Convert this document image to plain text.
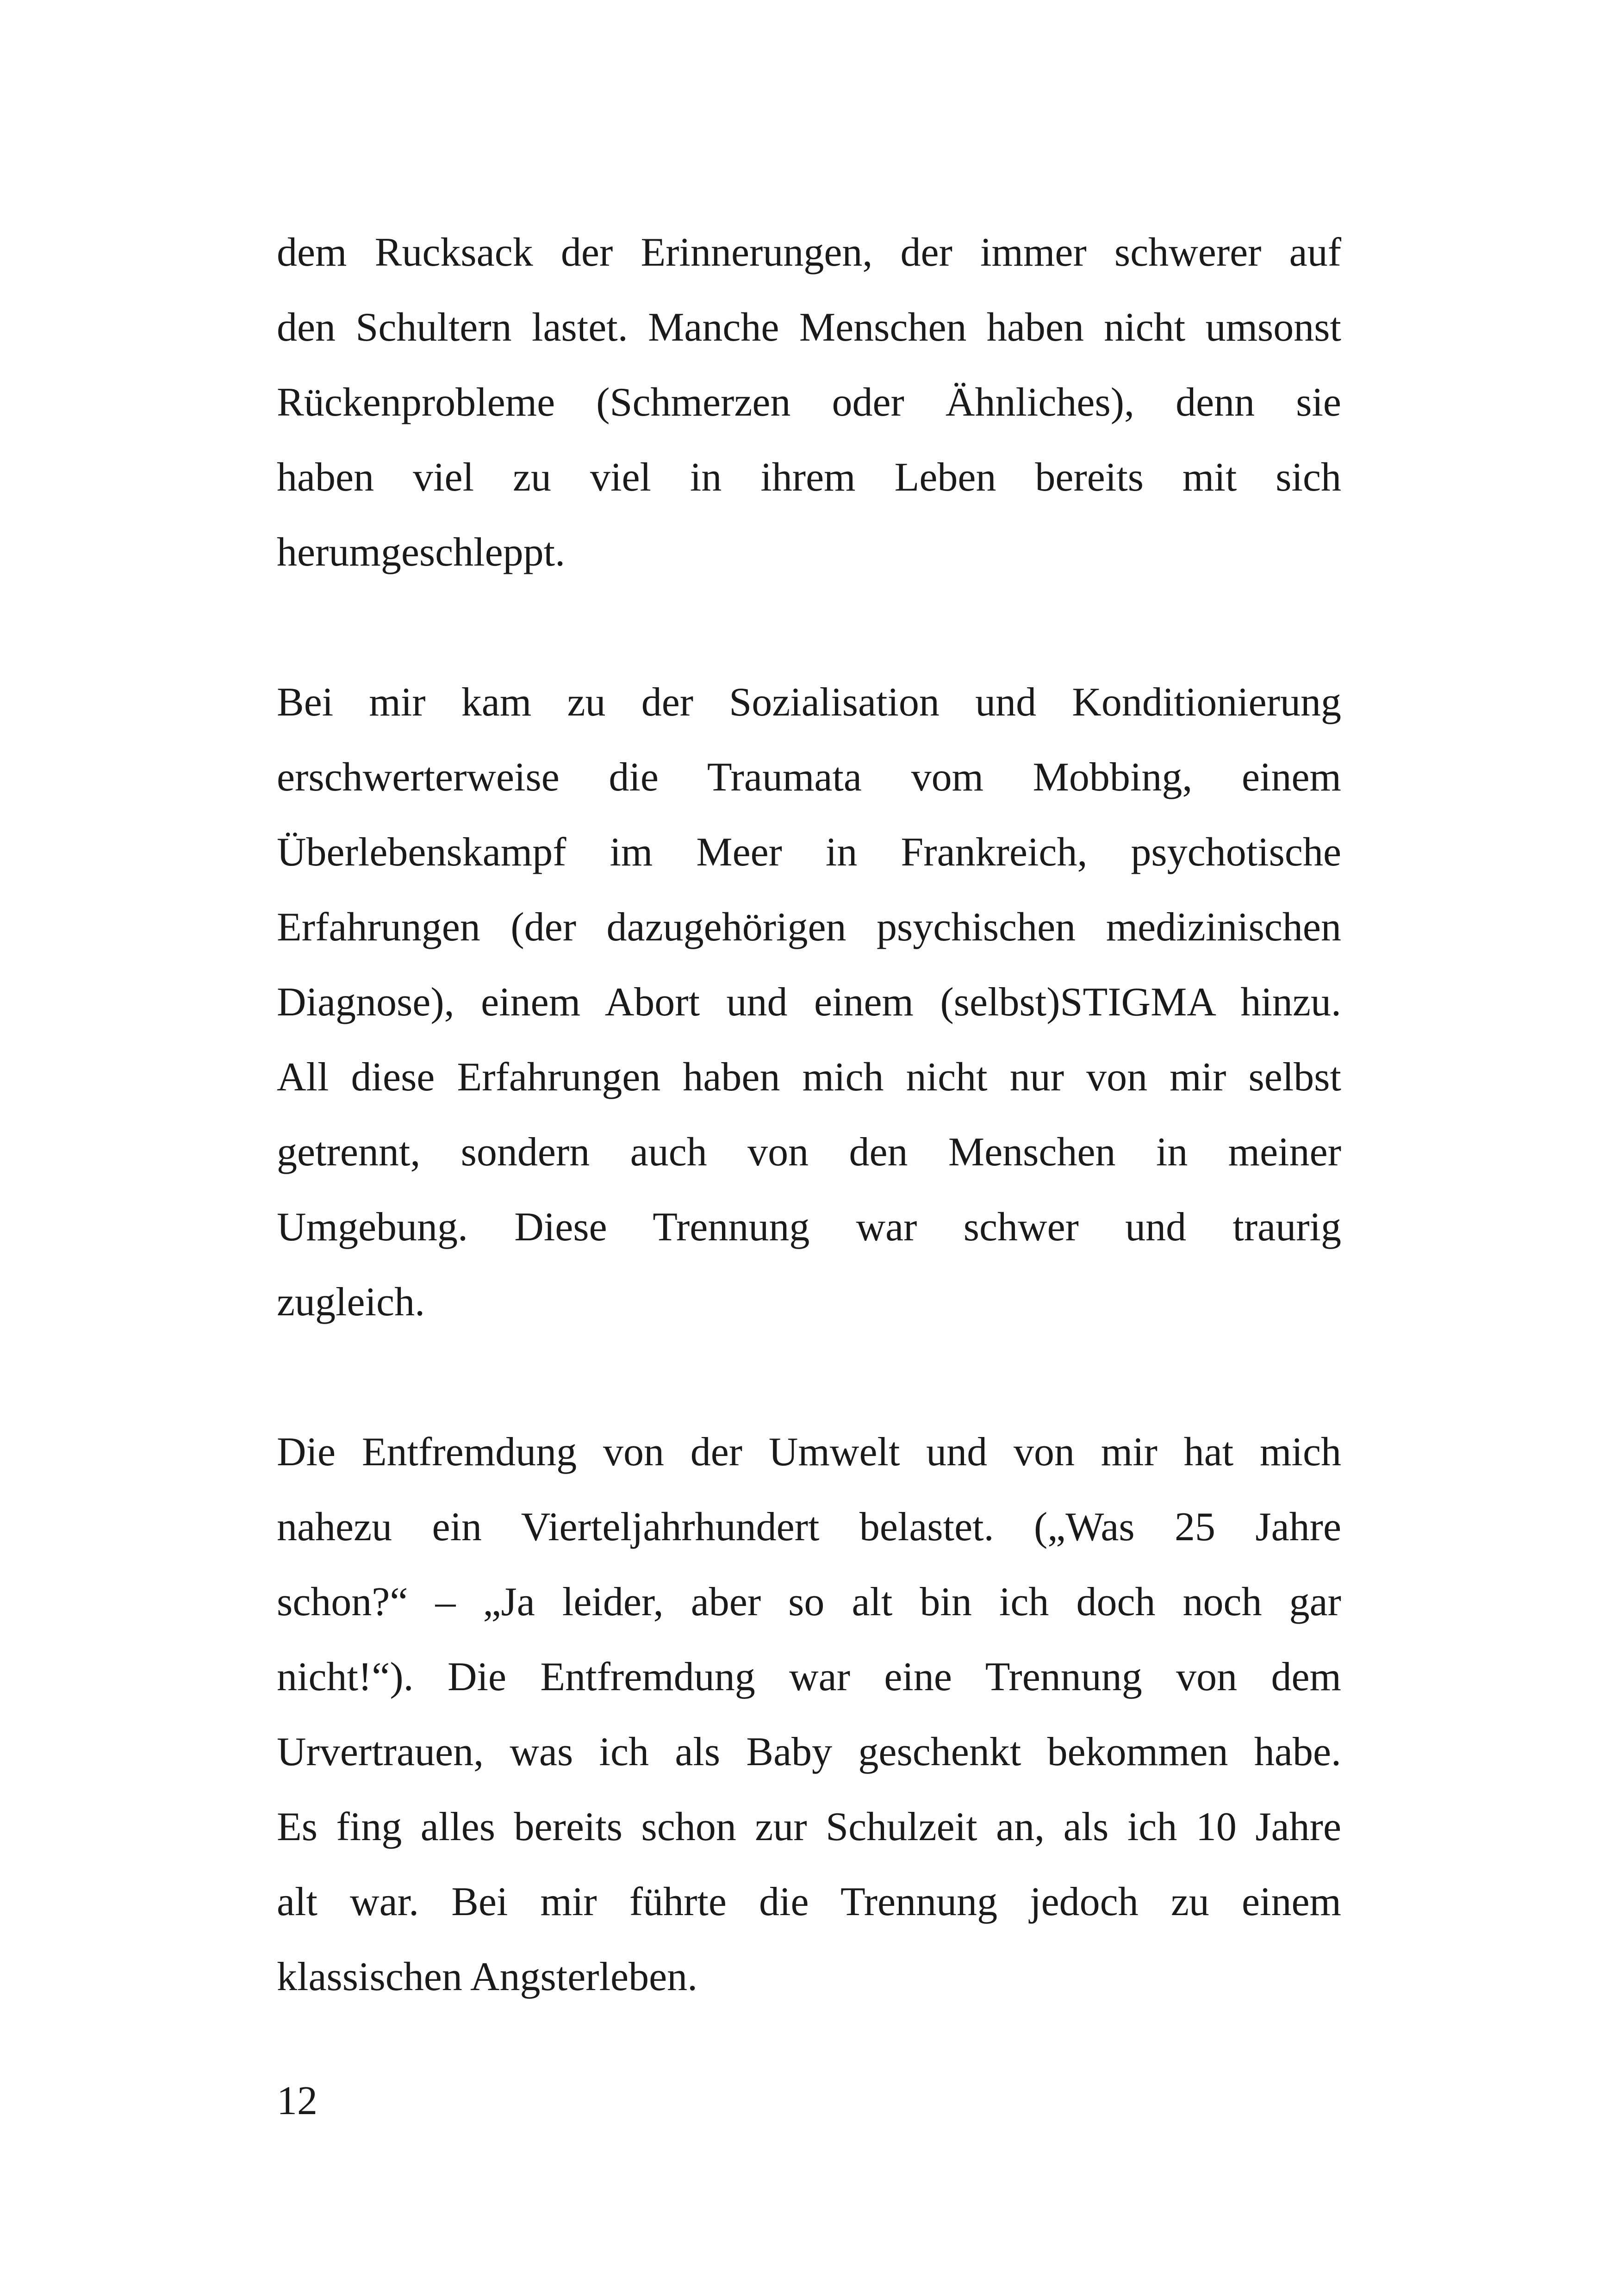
dem Rucksack der Erinnerungen, der immer schwerer auf
den Schultern lastet. Manche Menschen haben nicht umsonst
Rückenprobleme (Schmerzen oder Ähnliches), denn sie
haben viel zu viel in ihrem Leben bereits mit sich
herumgeschleppt.
Bei mir kam zu der Sozialisation und Konditionierung
erschwerterweise die Traumata vom Mobbing, einem
Überlebenskampf im Meer in Frankreich, psychotische
Erfahrungen (der dazugehörigen psychischen medizinischen
Diagnose), einem Abort und einem (selbst)STIGMA hinzu.
All diese Erfahrungen haben mich nicht nur von mir selbst
getrennt, sondern auch von den Menschen in meiner
Umgebung. Diese Trennung war schwer und traurig
zugleich.
Die Entfremdung von der Umwelt und von mir hat mich
nahezu ein Vierteljahrhundert belastet. („Was 25 Jahre
schon?“ – „Ja leider, aber so alt bin ich doch noch gar
nicht!“). Die Entfremdung war eine Trennung von dem
Urvertrauen, was ich als Baby geschenkt bekommen habe.
Es fing alles bereits schon zur Schulzeit an, als ich 10 Jahre
alt war. Bei mir führte die Trennung jedoch zu einem
klassischen Angsterleben.
12
